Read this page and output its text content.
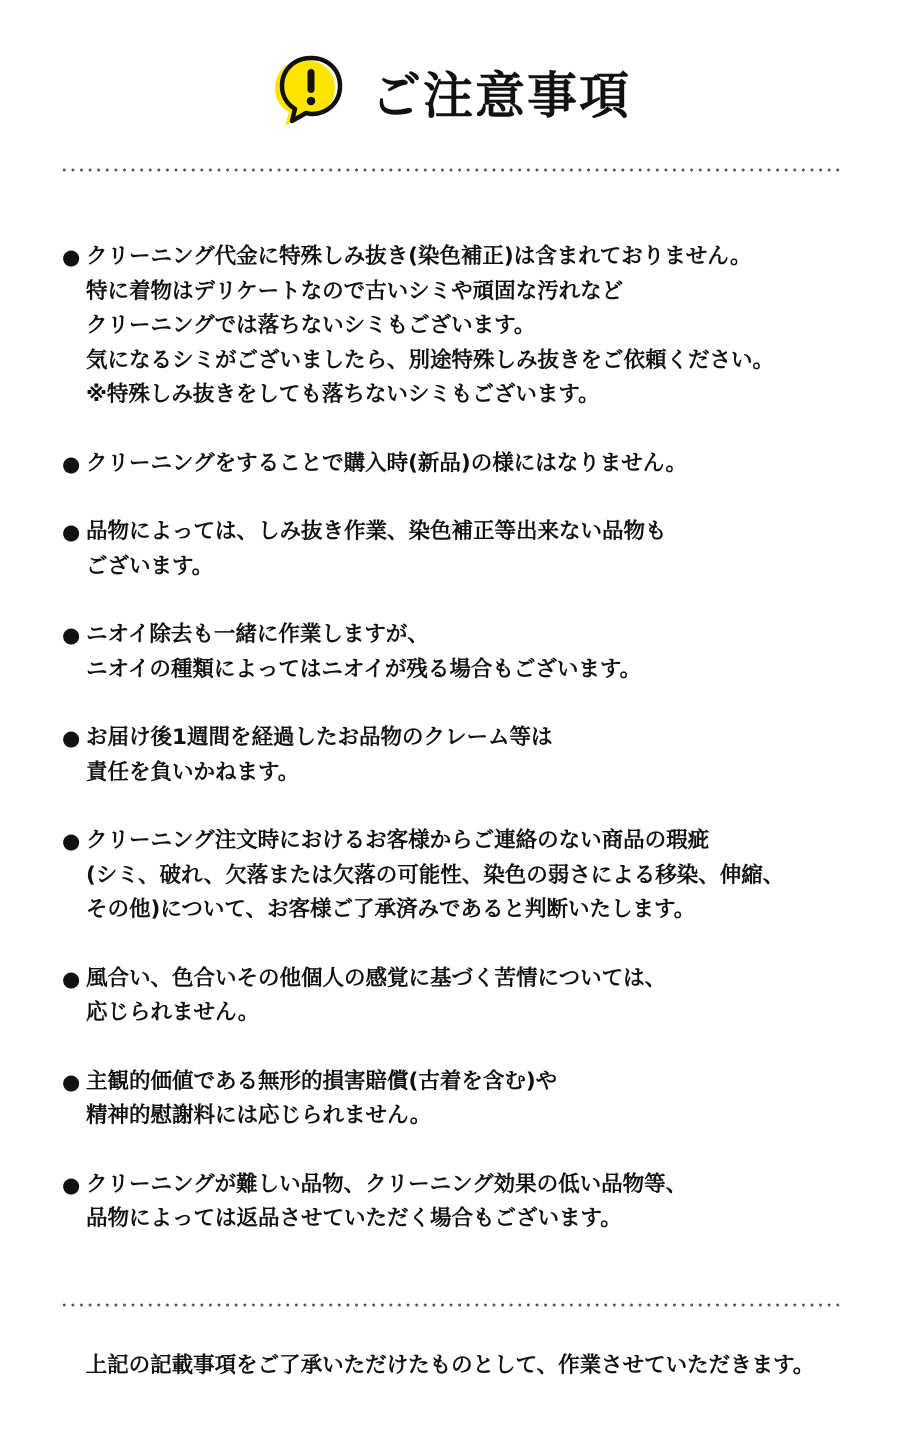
ご注意事項
● クリーニング代金に特殊しみ抜き(染色補正)は含まれておりません。
特に着物はデリケートなので古いシミや頑固な汚れなど
クリーニングでは落ちないシミもございます。
気になるシミがございましたら、別途特殊しみ抜きをご依頼ください。
※特殊しみ抜きをしても落ちないシミもございます。
● クリーニングをすることで購入時(新品)の様にはなりません。
● 品物によっては、しみ抜き作業、染色補正等出来ない品物も
ございます。
● ニオイ除去も一緒に作業しますが、
ニオイの種類によってはニオイが残る場合もございます。
● お届け後1週間を経過したお品物のクレーム等は
責任を負いかねます。
● クリーニング注文時におけるお客様からご連絡のない商品の瑕疵
(シミ、破れ、欠落または欠落の可能性、染色の弱さによる移染、伸縮、
その他)について、お客様ご了承済みであると判断いたします。
● 風合い、色合いその他個人の感覚に基づく苦情については、
応じられません。
● 主観的価値である無形的損害賠償(古着を含む)や
精神的慰謝料には応じられません。
● クリーニングが難しい品物、クリーニング効果の低い品物等、
品物によっては返品させていただく場合もございます。
上記の記載事項をご了承いただけたものとして、作業させていただきます。
